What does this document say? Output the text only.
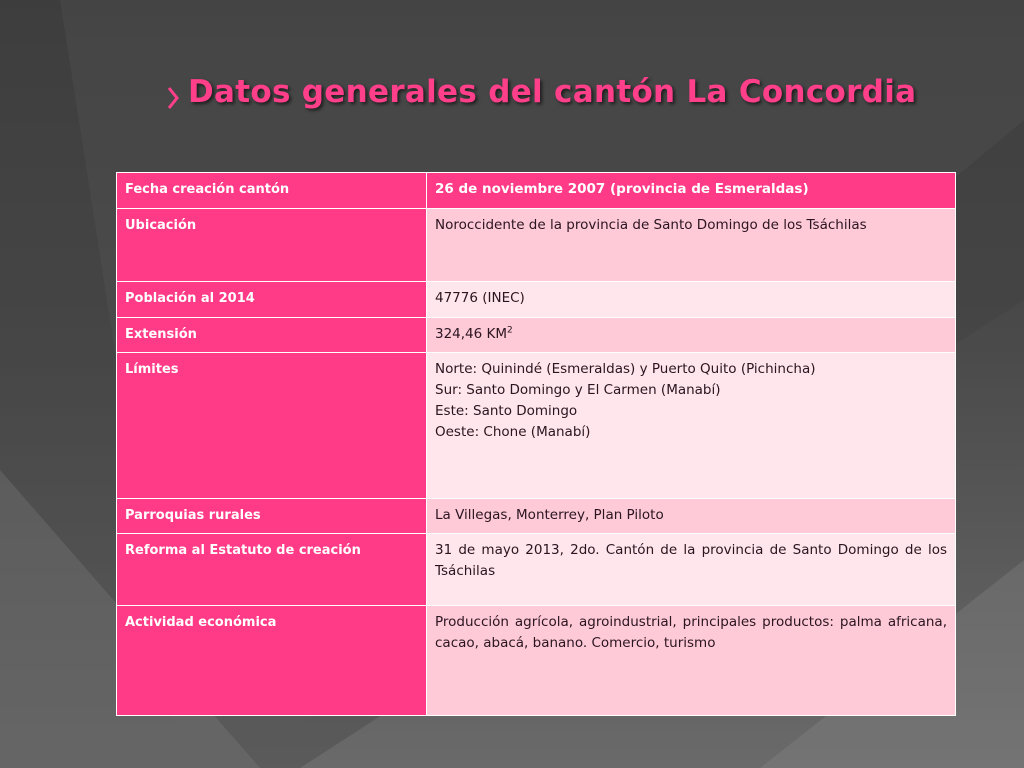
Datos generales del cantón La Concordia
Fecha creación cantón	26 de noviembre 2007 (provincia de Esmeraldas)
Ubicación	Noroccidente de la provincia de Santo Domingo de los Tsáchilas
Población al 2014	47776 (INEC)
Extensión	324,46 $KM^2$
Límites	Norte: Quinindé (Esmeraldas) y Puerto Quito (Pichincha)
Sur: Santo Domingo y El Carmen (Manabí)
Este: Santo Domingo
Oeste: Chone (Manabí)

Parroquias rurales	La Villegas, Monterrey, Plan Piloto
Reforma al Estatuto de creación	31 de mayo 2013, 2do. Cantón de la provincia de Santo Domingo de los Tsáchilas
Actividad económica	Producción agrícola, agroindustrial, principales productos: palma africana, cacao, abacá, banano. Comercio, turismo
